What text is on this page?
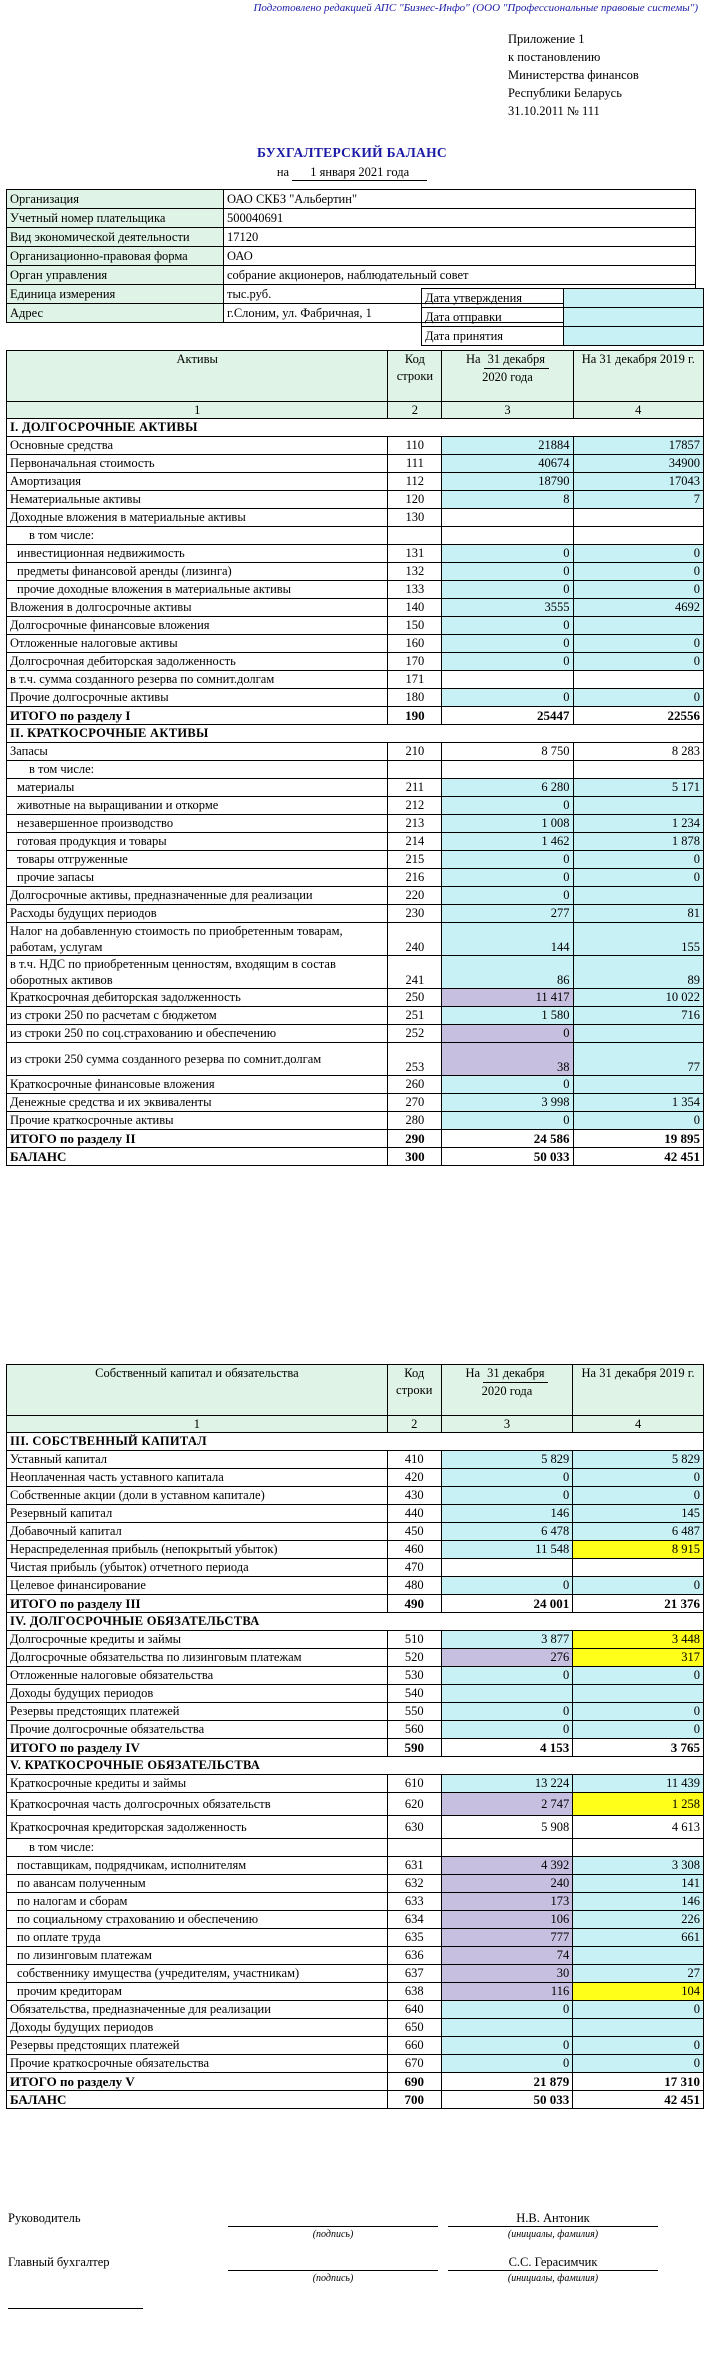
Подготовлено редакцией АПС "Бизнес-Инфо" (ООО "Профессиональные правовые системы")
Приложение 1
к постановлению
Министерства финансов
Республики Беларусь
31.10.2011 № 111
БУХГАЛТЕРСКИЙ БАЛАНС
на 1 января 2021 года
Организация	ОАО СКБЗ "Альбертин"
Учетный номер плательщика	500040691
Вид экономической деятельности	17120
Организационно-правовая форма	ОАО
Орган управления	собрание акционеров, наблюдательный совет
Единица измерения	тыс.руб.
Адрес	г.Слоним, ул. Фабричная, 1
Дата утверждения	
Дата отправки	
Дата принятия	
Активы	Код строки	На 31 декабря
2020 года	На 31 декабря 2019 г.
1	2	3	4
I. ДОЛГОСРОЧНЫЕ АКТИВЫ			
Основные средства	110	21884	17857
Первоначальная стоимость	111	40674	34900
Амортизация	112	18790	17043
Нематериальные активы	120	8	7
Доходные вложения в материальные активы	130		
в том числе:			
инвестиционная недвижимость	131	0	0
предметы финансовой аренды (лизинга)	132	0	0
прочие доходные вложения в материальные активы	133	0	0
Вложения в долгосрочные активы	140	3555	4692
Долгосрочные финансовые вложения	150	0	
Отложенные налоговые активы	160	0	0
Долгосрочная дебиторская задолженность	170	0	0
в т.ч. сумма созданного резерва по сомнит.долгам	171		
Прочие долгосрочные активы	180	0	0
ИТОГО по разделу I	190	25447	22556
II. КРАТКОСРОЧНЫЕ АКТИВЫ			
Запасы	210	8 750	8 283
в том числе:			
материалы	211	6 280	5 171
животные на выращивании и откорме	212	0	
незавершенное производство	213	1 008	1 234
готовая продукция и товары	214	1 462	1 878
товары отгруженные	215	0	0
прочие запасы	216	0	0
Долгосрочные активы, предназначенные для реализации	220	0	
Расходы будущих периодов	230	277	81
Налог на добавленную стоимость по приобретенным товарам, работам, услугам	240	144	155
в т.ч. НДС по приобретенным ценностям, входящим в состав оборотных активов	241	86	89
Краткосрочная дебиторская задолженность	250	11 417	10 022
из строки 250 по расчетам с бюджетом	251	1 580	716
из строки 250 по соц.страхованию и обеспечению	252	0	
из строки 250 сумма созданного резерва по сомнит.долгам	253	38	77
Краткосрочные финансовые вложения	260	0	
Денежные средства и их эквиваленты	270	3 998	1 354
Прочие краткосрочные активы	280	0	0
ИТОГО по разделу II	290	24 586	19 895
БАЛАНС	300	50 033	42 451
Собственный капитал и обязательства	Код строки	На 31 декабря
2020 года	На 31 декабря 2019 г.
1	2	3	4
III. СОБСТВЕННЫЙ КАПИТАЛ			
Уставный капитал	410	5 829	5 829
Неоплаченная часть уставного капитала	420	0	0
Собственные акции (доли в уставном капитале)	430	0	0
Резервный капитал	440	146	145
Добавочный капитал	450	6 478	6 487
Нераспределенная прибыль (непокрытый убыток)	460	11 548	8 915
Чистая прибыль (убыток) отчетного периода	470		
Целевое финансирование	480	0	0
ИТОГО по разделу III	490	24 001	21 376
IV. ДОЛГОСРОЧНЫЕ ОБЯЗАТЕЛЬСТВА			
Долгосрочные кредиты и займы	510	3 877	3 448
Долгосрочные обязательства по лизинговым платежам	520	276	317
Отложенные налоговые обязательства	530	0	0
Доходы будущих периодов	540		
Резервы предстоящих платежей	550	0	0
Прочие долгосрочные обязательства	560	0	0
ИТОГО по разделу IV	590	4 153	3 765
V. КРАТКОСРОЧНЫЕ ОБЯЗАТЕЛЬСТВА			
Краткосрочные кредиты и займы	610	13 224	11 439
Краткосрочная часть долгосрочных обязательств	620	2 747	1 258
Краткосрочная кредиторская задолженность	630	5 908	4 613
в том числе:			
поставщикам, подрядчикам, исполнителям	631	4 392	3 308
по авансам полученным	632	240	141
по налогам и сборам	633	173	146
по социальному страхованию и обеспечению	634	106	226
по оплате труда	635	777	661
по лизинговым платежам	636	74	
собственнику имущества (учредителям, участникам)	637	30	27
прочим кредиторам	638	116	104
Обязательства, предназначенные для реализации	640	0	0
Доходы будущих периодов	650		
Резервы предстоящих платежей	660	0	0
Прочие краткосрочные обязательства	670	0	0
ИТОГО по разделу V	690	21 879	17 310
БАЛАНС	700	50 033	42 451
Руководитель
(подпись)
Н.В. Антоник
(инициалы, фамилия)
Главный бухгалтер
(подпись)
С.С. Герасимчик
(инициалы, фамилия)
